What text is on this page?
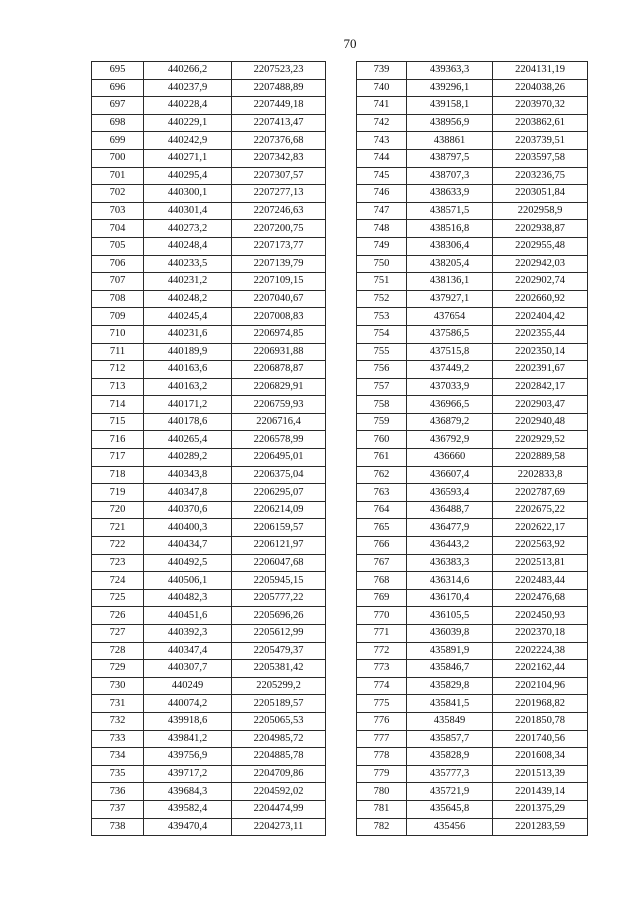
70
695	440266,2	2207523,23
696	440237,9	2207488,89
697	440228,4	2207449,18
698	440229,1	2207413,47
699	440242,9	2207376,68
700	440271,1	2207342,83
701	440295,4	2207307,57
702	440300,1	2207277,13
703	440301,4	2207246,63
704	440273,2	2207200,75
705	440248,4	2207173,77
706	440233,5	2207139,79
707	440231,2	2207109,15
708	440248,2	2207040,67
709	440245,4	2207008,83
710	440231,6	2206974,85
711	440189,9	2206931,88
712	440163,6	2206878,87
713	440163,2	2206829,91
714	440171,2	2206759,93
715	440178,6	2206716,4
716	440265,4	2206578,99
717	440289,2	2206495,01
718	440343,8	2206375,04
719	440347,8	2206295,07
720	440370,6	2206214,09
721	440400,3	2206159,57
722	440434,7	2206121,97
723	440492,5	2206047,68
724	440506,1	2205945,15
725	440482,3	2205777,22
726	440451,6	2205696,26
727	440392,3	2205612,99
728	440347,4	2205479,37
729	440307,7	2205381,42
730	440249	2205299,2
731	440074,2	2205189,57
732	439918,6	2205065,53
733	439841,2	2204985,72
734	439756,9	2204885,78
735	439717,2	2204709,86
736	439684,3	2204592,02
737	439582,4	2204474,99
738	439470,4	2204273,11
739	439363,3	2204131,19
740	439296,1	2204038,26
741	439158,1	2203970,32
742	438956,9	2203862,61
743	438861	2203739,51
744	438797,5	2203597,58
745	438707,3	2203236,75
746	438633,9	2203051,84
747	438571,5	2202958,9
748	438516,8	2202938,87
749	438306,4	2202955,48
750	438205,4	2202942,03
751	438136,1	2202902,74
752	437927,1	2202660,92
753	437654	2202404,42
754	437586,5	2202355,44
755	437515,8	2202350,14
756	437449,2	2202391,67
757	437033,9	2202842,17
758	436966,5	2202903,47
759	436879,2	2202940,48
760	436792,9	2202929,52
761	436660	2202889,58
762	436607,4	2202833,8
763	436593,4	2202787,69
764	436488,7	2202675,22
765	436477,9	2202622,17
766	436443,2	2202563,92
767	436383,3	2202513,81
768	436314,6	2202483,44
769	436170,4	2202476,68
770	436105,5	2202450,93
771	436039,8	2202370,18
772	435891,9	2202224,38
773	435846,7	2202162,44
774	435829,8	2202104,96
775	435841,5	2201968,82
776	435849	2201850,78
777	435857,7	2201740,56
778	435828,9	2201608,34
779	435777,3	2201513,39
780	435721,9	2201439,14
781	435645,8	2201375,29
782	435456	2201283,59
